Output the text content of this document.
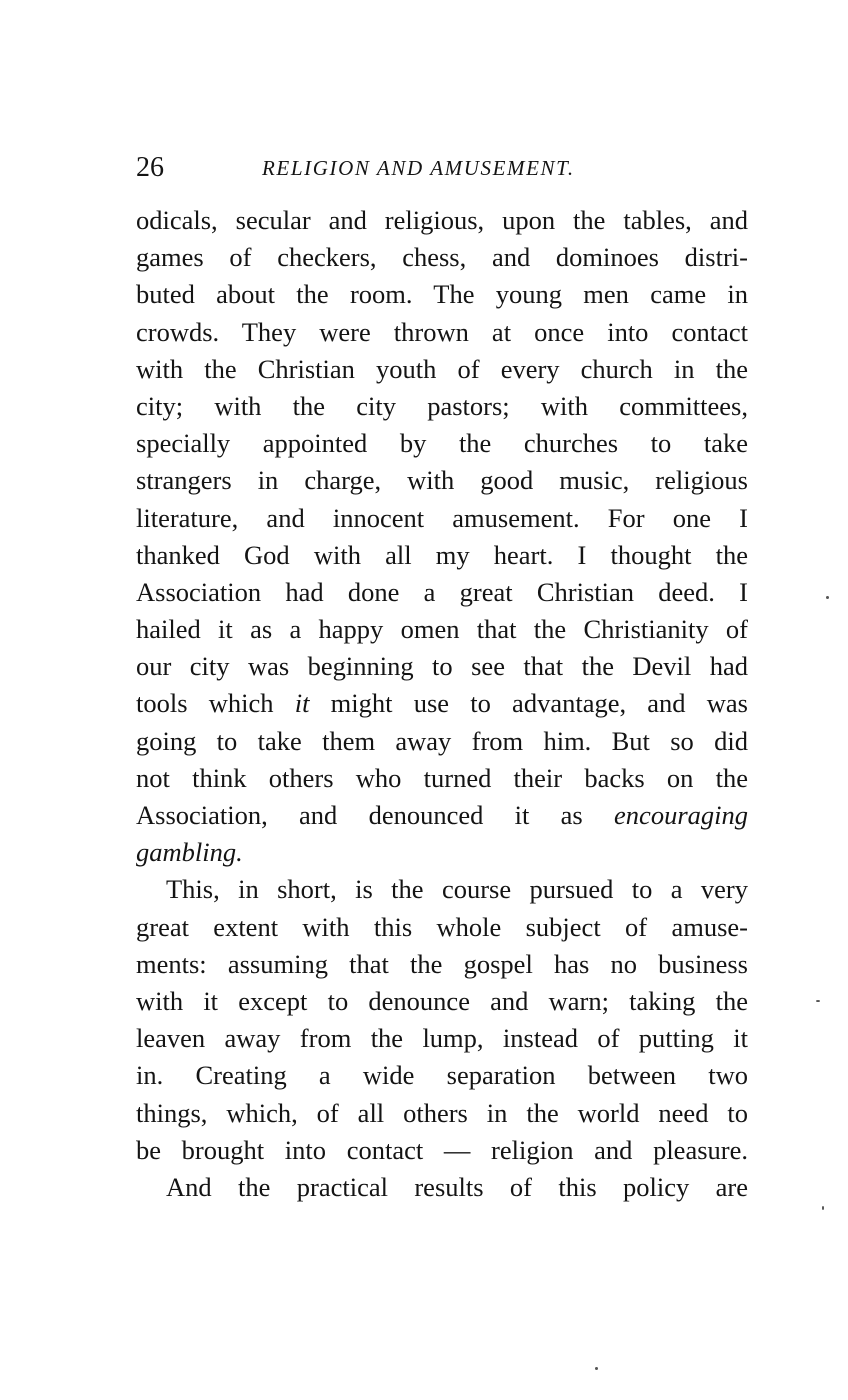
26	RELIGION AND AMUSEMENT.
odicals, secular and religious, upon the tables, and
games of checkers, chess, and dominoes distri-
buted about the room. The young men came in
crowds. They were thrown at once into contact
with the Christian youth of every church in the
city; with the city pastors; with committees,
specially appointed by the churches to take
strangers in charge, with good music, religious
literature, and innocent amusement. For one I
thanked God with all my heart. I thought the
Association had done a great Christian deed. I
hailed it as a happy omen that the Christianity of
our city was beginning to see that the Devil had
tools which it might use to advantage, and was
going to take them away from him. But so did
not think others who turned their backs on the
Association, and denounced it as encouraging
gambling.
This, in short, is the course pursued to a very
great extent with this whole subject of amuse-
ments: assuming that the gospel has no business
with it except to denounce and warn; taking the
leaven away from the lump, instead of putting it
in. Creating a wide separation between two
things, which, of all others in the world need to
be brought into contact — religion and pleasure.
And the practical results of this policy are
